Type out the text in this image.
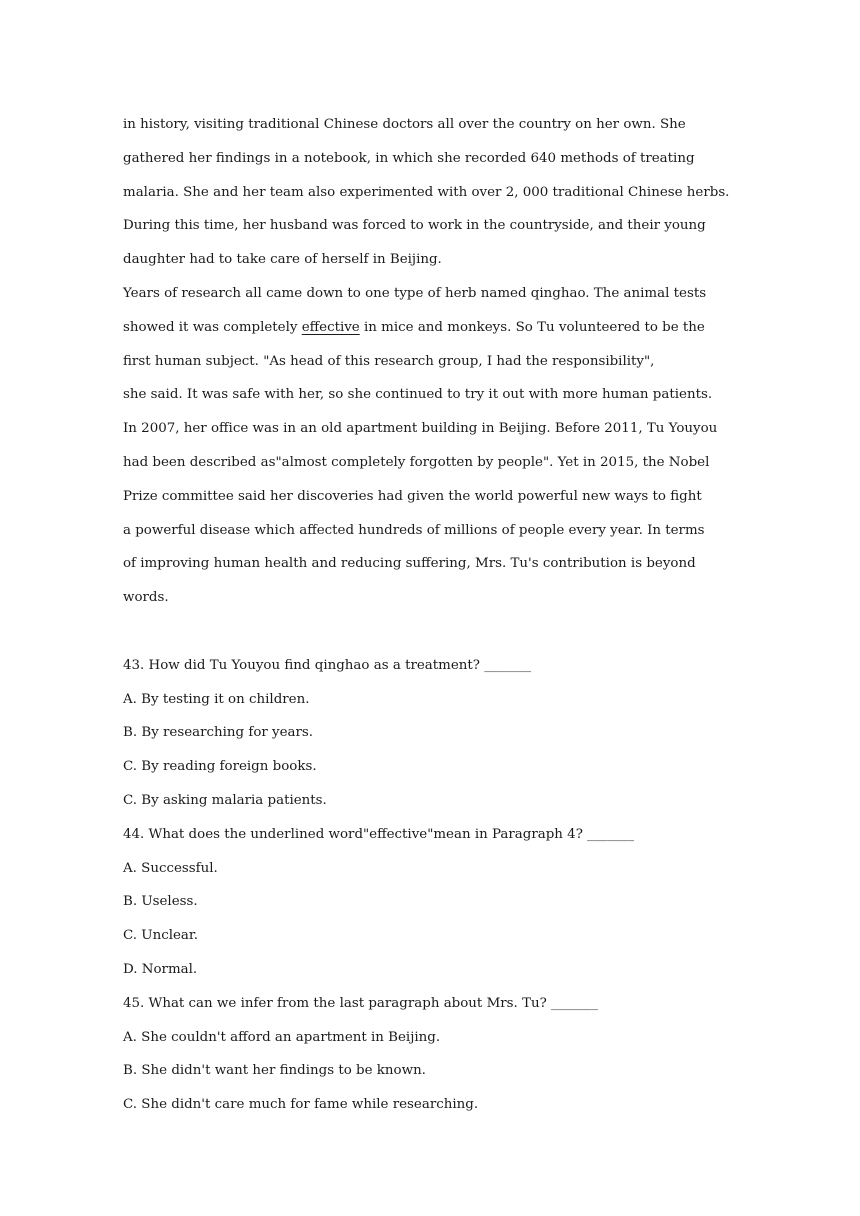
in history, visiting traditional Chinese doctors all over the country on her own. She
gathered her findings in a notebook, in which she recorded 640 methods of treating
malaria. She and her team also experimented with over 2, 000 traditional Chinese herbs.
During this time, her husband was forced to work in the countryside, and their young
daughter had to take care of herself in Beijing.
Years of research all came down to one type of herb named qinghao. The animal tests
showed it was completely effective in mice and monkeys. So Tu volunteered to be the
first human subject. "As head of this research group, I had the responsibility",
she said. It was safe with her, so she continued to try it out with more human patients.
In 2007, her office was in an old apartment building in Beijing. Before 2011, Tu Youyou
had been described as"almost completely forgotten by people". Yet in 2015, the Nobel
Prize committee said her discoveries had given the world powerful new ways to fight
a powerful disease which affected hundreds of millions of people every year. In terms
of improving human health and reducing suffering, Mrs. Tu's contribution is beyond
words.
43. How did Tu Youyou find qinghao as a treatment? _______
A. By testing it on children.
B. By researching for years.
C. By reading foreign books.
C. By asking malaria patients.
44. What does the underlined word"effective"mean in Paragraph 4? _______
A. Successful.
B. Useless.
C. Unclear.
D. Normal.
45. What can we infer from the last paragraph about Mrs. Tu? _______
A. She couldn't afford an apartment in Beijing.
B. She didn't want her findings to be known.
C. She didn't care much for fame while researching.
